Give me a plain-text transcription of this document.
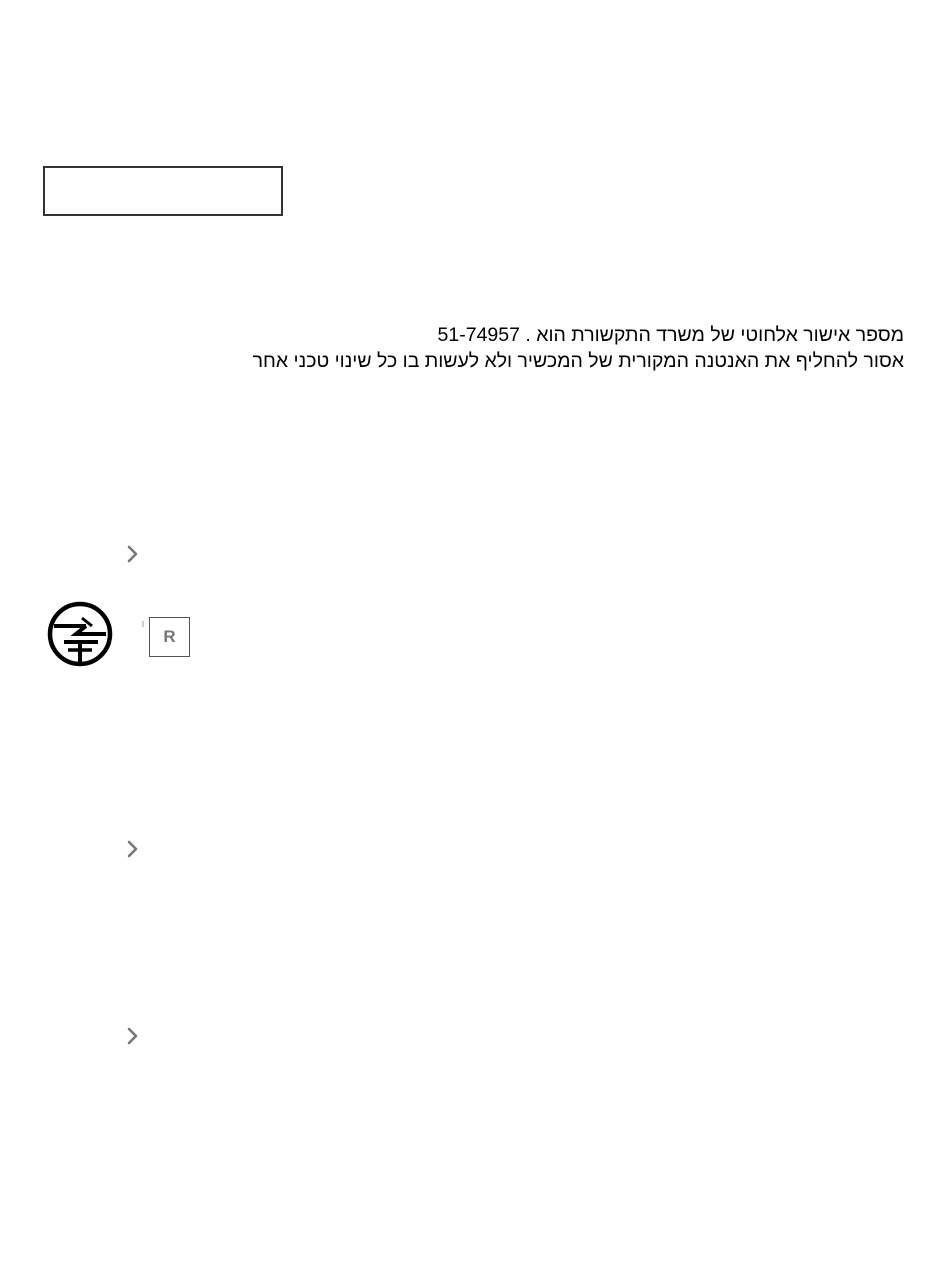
מספר אישור אלחוטי של משרד התקשורת הוא . 51-74957
אסור להחליף את האנטנה המקורית של המכשיר ולא לעשות בו כל שינוי טכני אחר
R
